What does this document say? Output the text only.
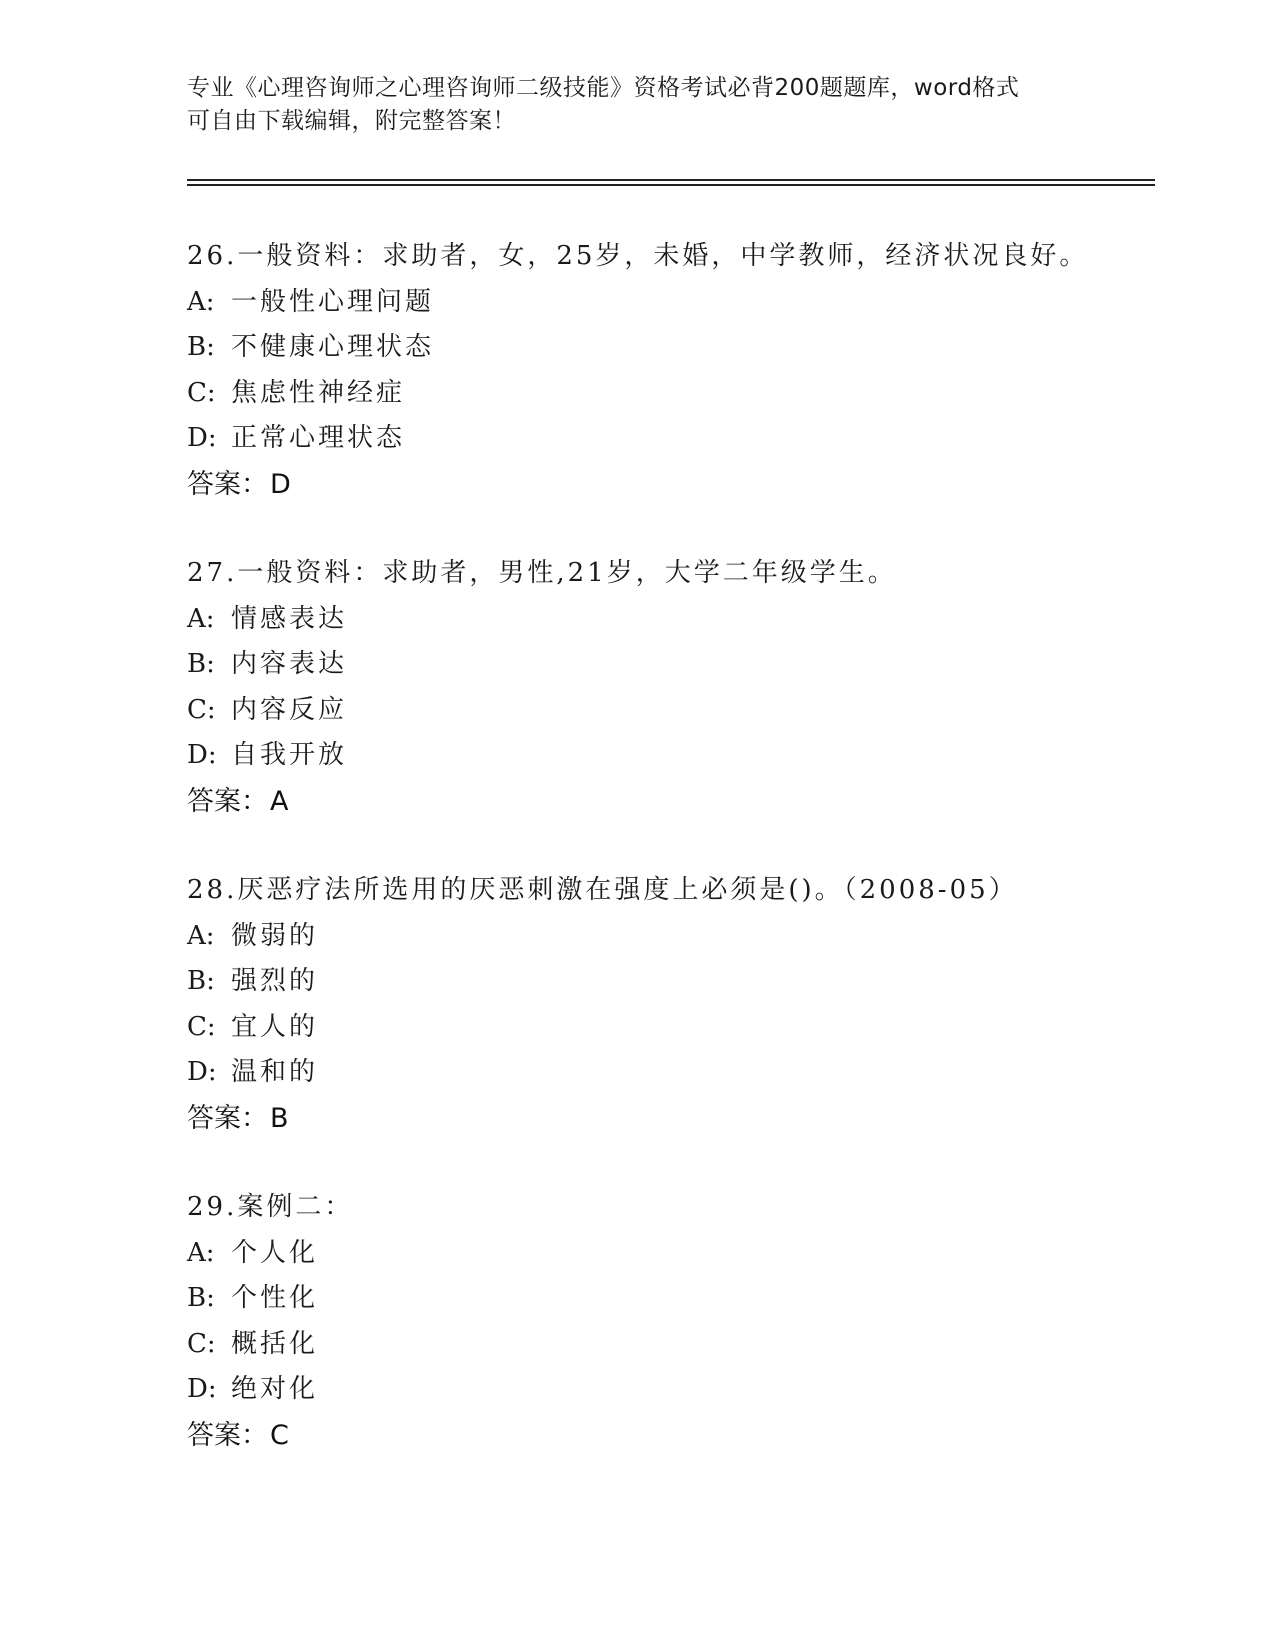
专业《心理咨询师之心理咨询师二级技能》资格考试必背200题题库，word格式
可自由下载编辑，附完整答案！
26.一般资料：求助者，女，25岁，未婚，中学教师，经济状况良好。
A: 一般性心理问题
B: 不健康心理状态
C: 焦虑性神经症
D: 正常心理状态
答案：D
27.一般资料：求助者，男性,21岁，大学二年级学生。
A: 情感表达
B: 内容表达
C: 内容反应
D: 自我开放
答案：A
28.厌恶疗法所选用的厌恶刺激在强度上必须是()。（2008-05）
A: 微弱的
B: 强烈的
C: 宜人的
D: 温和的
答案：B
29.案例二：
A: 个人化
B: 个性化
C: 概括化
D: 绝对化
答案：C
